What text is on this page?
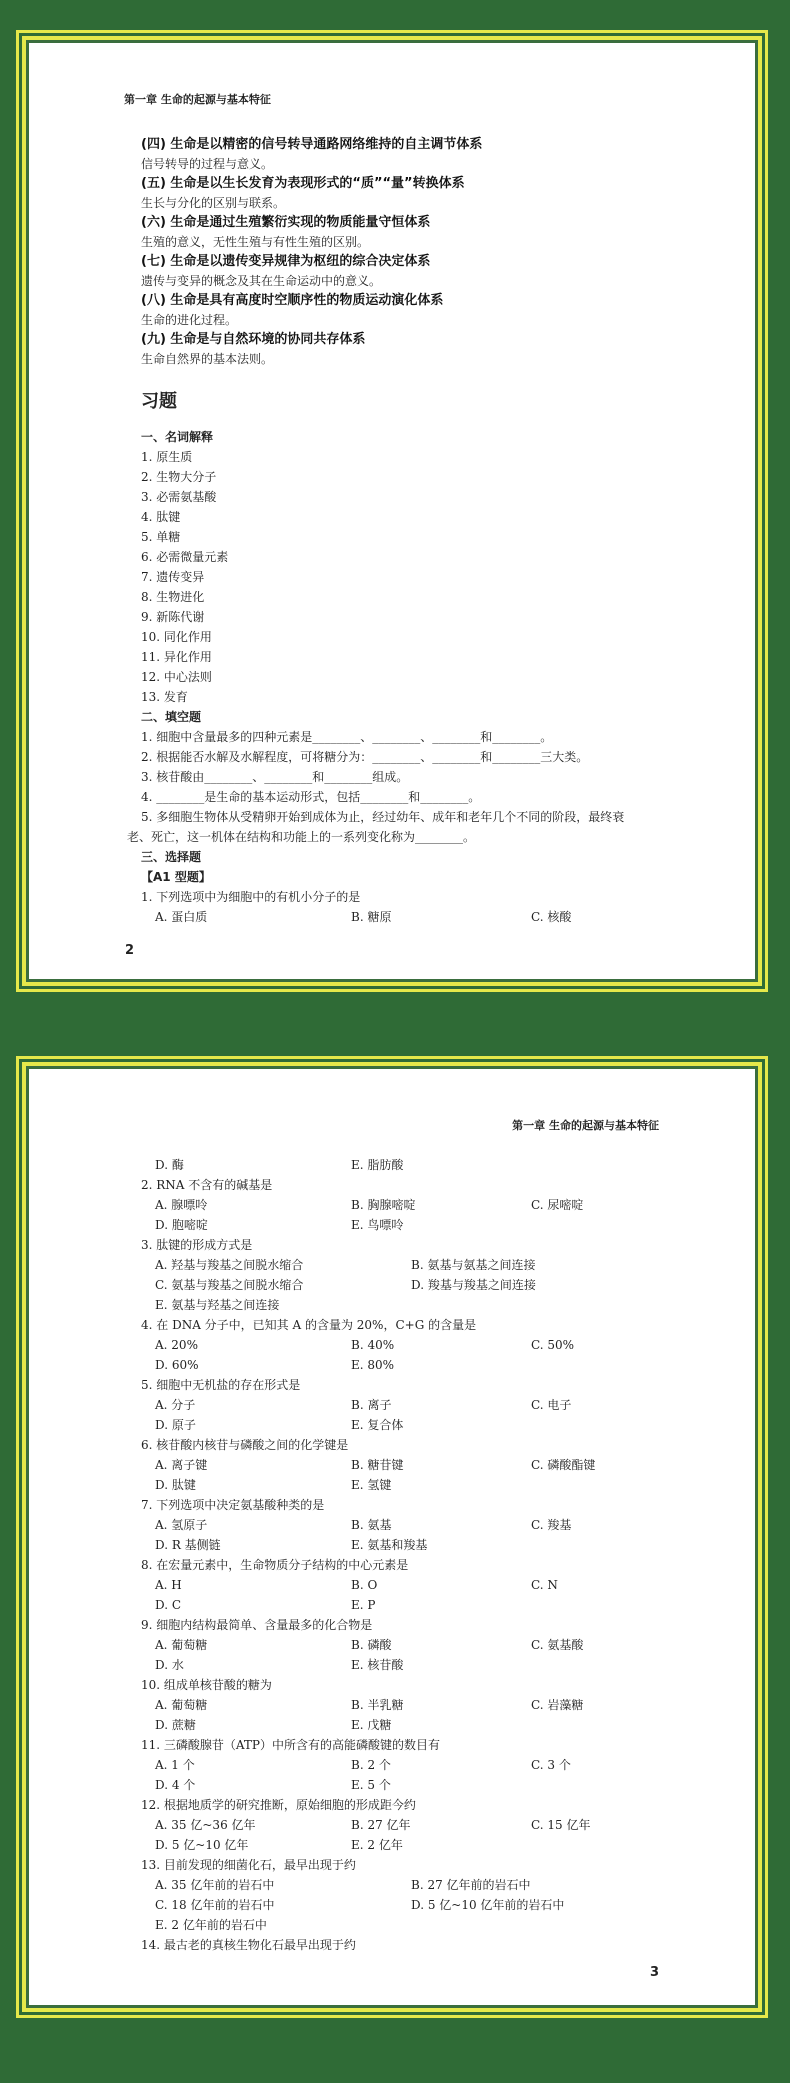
第一章 生命的起源与基本特征
(四) 生命是以精密的信号转导通路网络维持的自主调节体系
信号转导的过程与意义。
(五) 生命是以生长发育为表现形式的“质”“量”转换体系
生长与分化的区别与联系。
(六) 生命是通过生殖繁衍实现的物质能量守恒体系
生殖的意义，无性生殖与有性生殖的区别。
(七) 生命是以遗传变异规律为枢纽的综合决定体系
遗传与变异的概念及其在生命运动中的意义。
(八) 生命是具有高度时空顺序性的物质运动演化体系
生命的进化过程。
(九) 生命是与自然环境的协同共存体系
生命自然界的基本法则。
习题
一、名词解释
1. 原生质
2. 生物大分子
3. 必需氨基酸
4. 肽键
5. 单糖
6. 必需微量元素
7. 遗传变异
8. 生物进化
9. 新陈代谢
10. 同化作用
11. 异化作用
12. 中心法则
13. 发育
二、填空题
1. 细胞中含量最多的四种元素是________、________、________和________。
2. 根据能否水解及水解程度，可将糖分为：________、________和________三大类。
3. 核苷酸由________、________和________组成。
4. ________是生命的基本运动形式，包括________和________。
5. 多细胞生物体从受精卵开始到成体为止，经过幼年、成年和老年几个不同的阶段，最终衰
老、死亡，这一机体在结构和功能上的一系列变化称为________。
三、选择题
【A1 型题】
1. 下列选项中为细胞中的有机小分子的是
A. 蛋白质	B. 糖原	C. 核酸
2
第一章 生命的起源与基本特征
D. 酶	E. 脂肪酸
2. RNA 不含有的碱基是
A. 腺嘌呤	B. 胸腺嘧啶	C. 尿嘧啶
D. 胞嘧啶	E. 鸟嘌呤
3. 肽键的形成方式是
A. 羟基与羧基之间脱水缩合	B. 氨基与氨基之间连接
C. 氨基与羧基之间脱水缩合	D. 羧基与羧基之间连接
E. 氨基与羟基之间连接
4. 在 DNA 分子中，已知其 A 的含量为 20%，C+G 的含量是
A. 20%	B. 40%	C. 50%
D. 60%	E. 80%
5. 细胞中无机盐的存在形式是
A. 分子	B. 离子	C. 电子
D. 原子	E. 复合体
6. 核苷酸内核苷与磷酸之间的化学键是
A. 离子键	B. 糖苷键	C. 磷酸酯键
D. 肽键	E. 氢键
7. 下列选项中决定氨基酸种类的是
A. 氢原子	B. 氨基	C. 羧基
D. R 基侧链	E. 氨基和羧基
8. 在宏量元素中，生命物质分子结构的中心元素是
A. H	B. O	C. N
D. C	E. P
9. 细胞内结构最简单、含量最多的化合物是
A. 葡萄糖	B. 磷酸	C. 氨基酸
D. 水	E. 核苷酸
10. 组成单核苷酸的糖为
A. 葡萄糖	B. 半乳糖	C. 岩藻糖
D. 蔗糖	E. 戊糖
11. 三磷酸腺苷（ATP）中所含有的高能磷酸键的数目有
A. 1 个	B. 2 个	C. 3 个
D. 4 个	E. 5 个
12. 根据地质学的研究推断，原始细胞的形成距今约
A. 35 亿~36 亿年	B. 27 亿年	C. 15 亿年
D. 5 亿~10 亿年	E. 2 亿年
13. 目前发现的细菌化石，最早出现于约
A. 35 亿年前的岩石中	B. 27 亿年前的岩石中
C. 18 亿年前的岩石中	D. 5 亿~10 亿年前的岩石中
E. 2 亿年前的岩石中
14. 最古老的真核生物化石最早出现于约
3
